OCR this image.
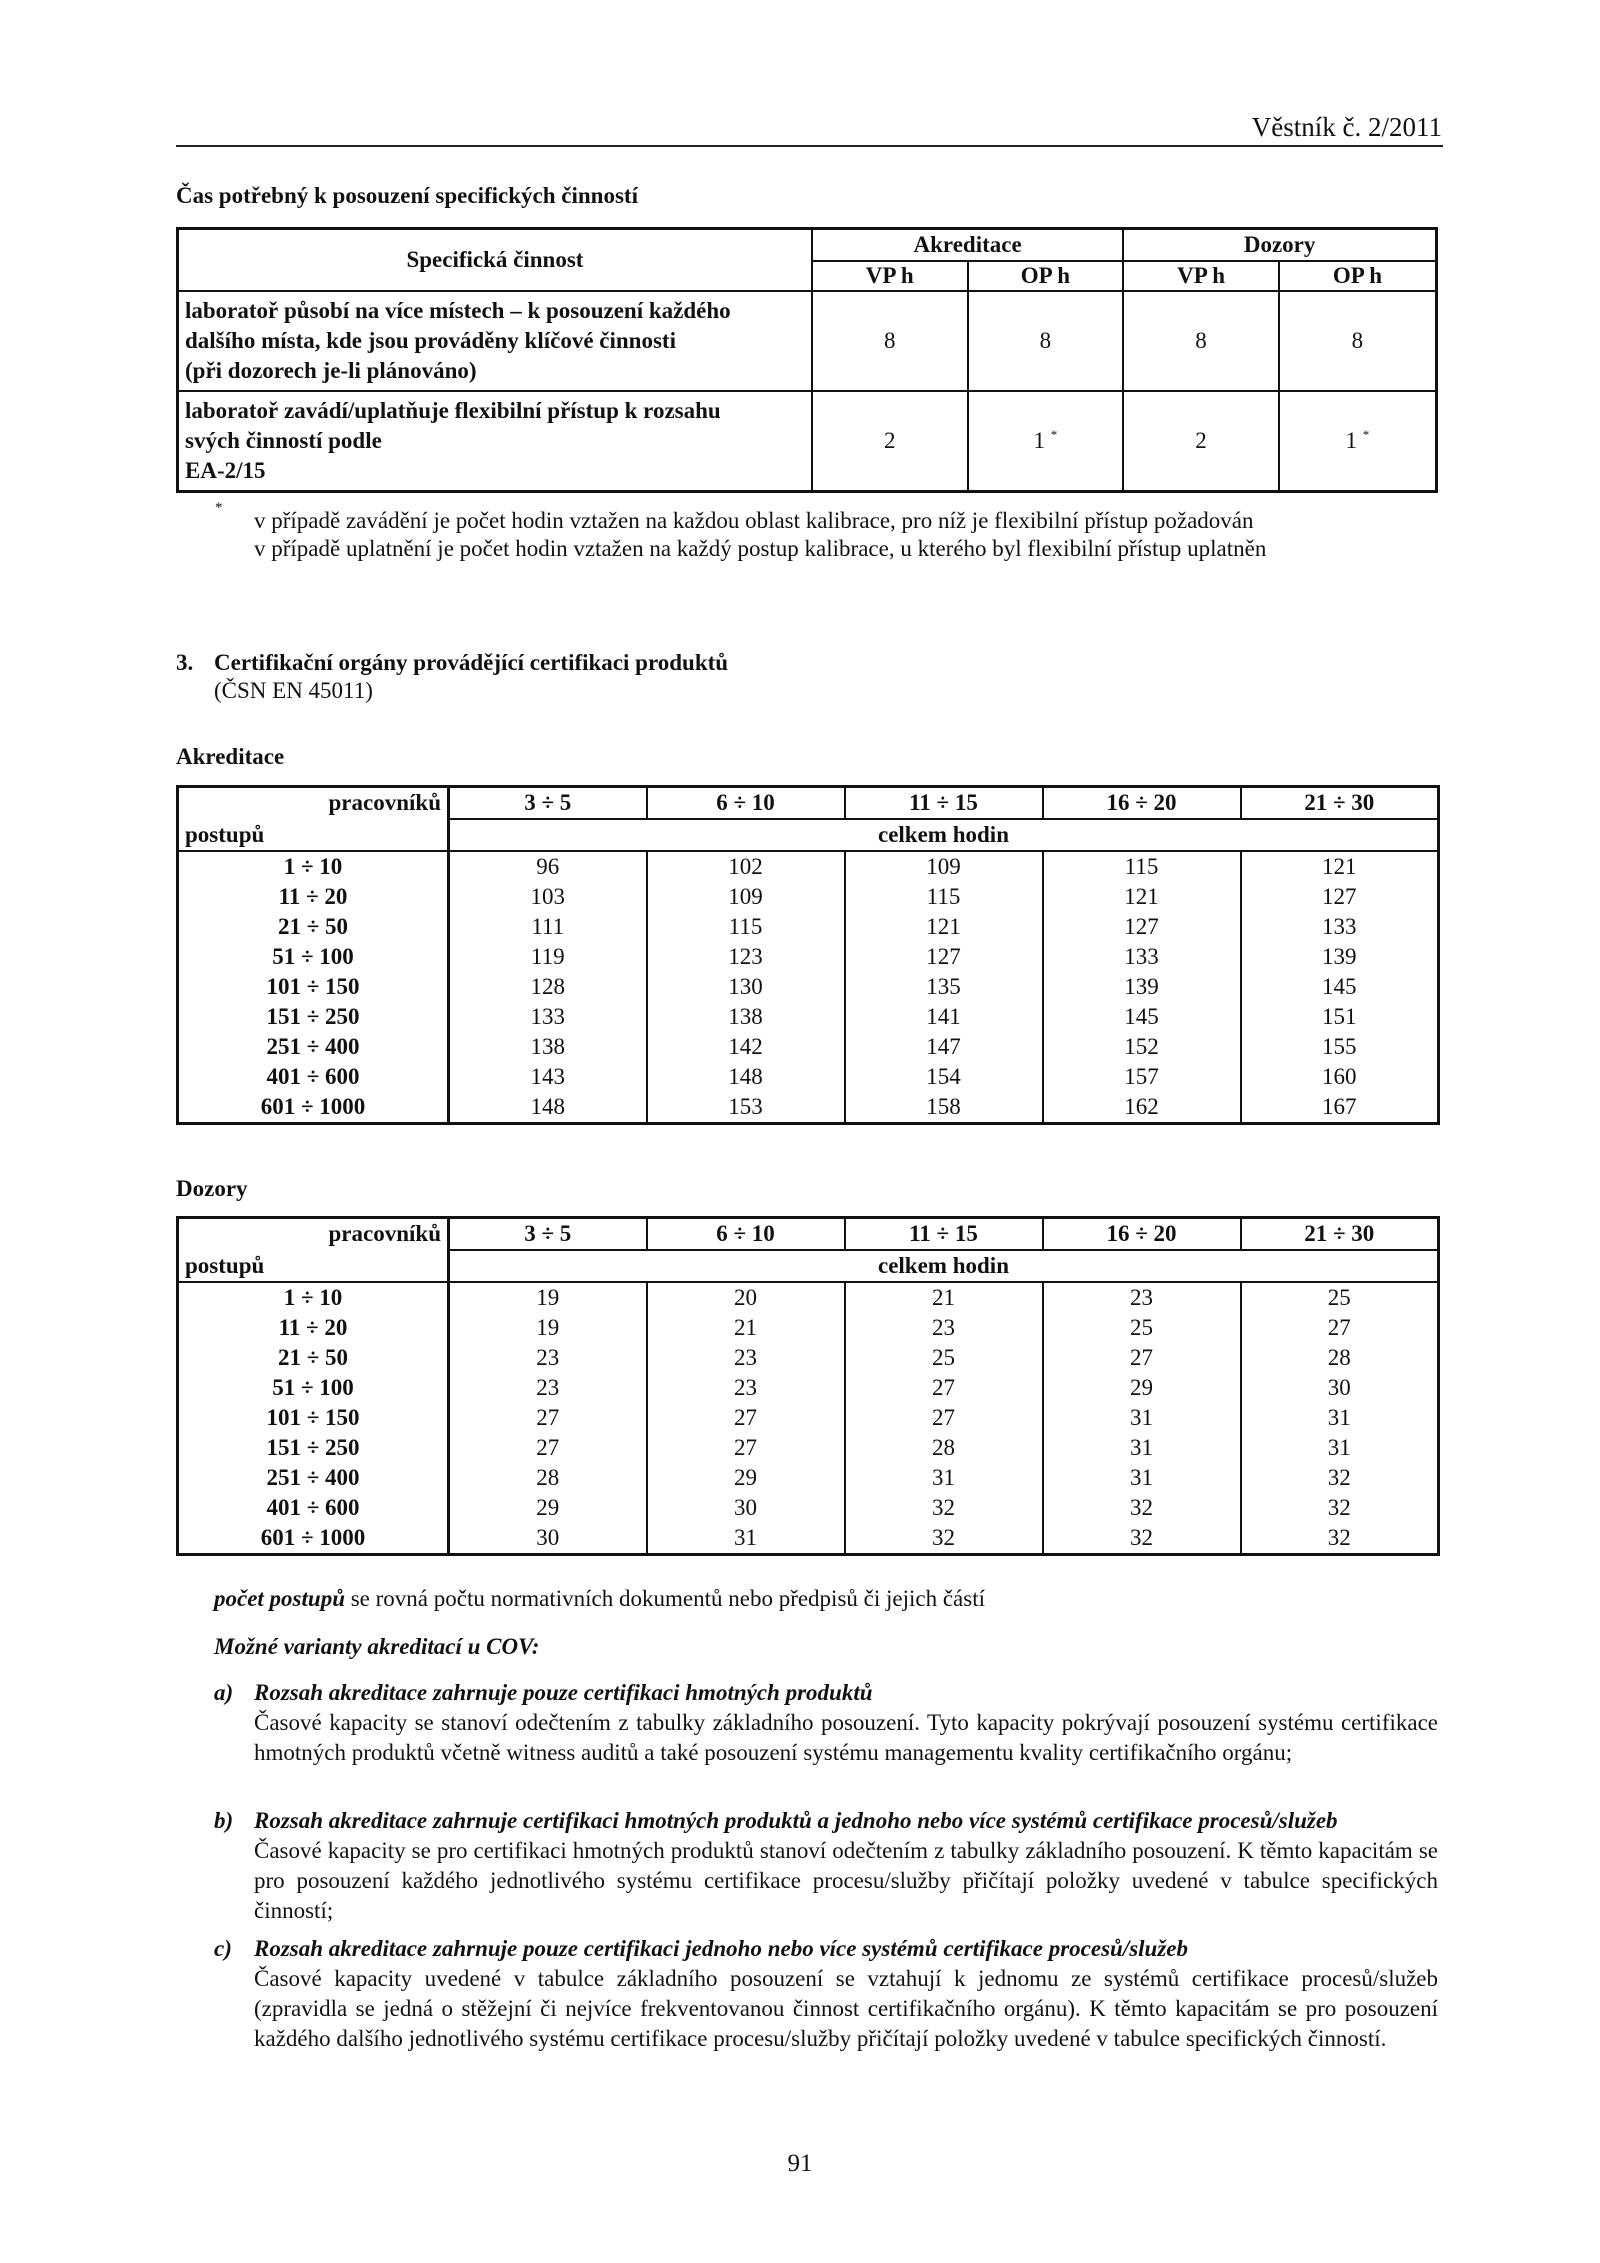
Věstník č. 2/2011
Čas potřebný k posouzení specifických činností
Specifická činnost	Akreditace		Dozory	
	VP h	OP h	VP h	OP h

laboratoř působí na více místech – k posouzení každého
dalšího místa, kde jsou prováděny klíčové činnosti
(při dozorech je-li plánováno)	8	8	8	8

laboratoř zavádí/uplatňuje flexibilní přístup k rozsahu
svých činností podle
EA-2/15	2	1 *	2	1 *
* v případě zavádění je počet hodin vztažen na každou oblast kalibrace, pro níž je flexibilní přístup požadován
v případě uplatnění je počet hodin vztažen na každý postup kalibrace, u kterého byl flexibilní přístup uplatněn
3. Certifikační orgány provádějící certifikaci produktů
(ČSN EN 45011)
Akreditace
pracovníků	3 ÷ 5	6 ÷ 10	11 ÷ 15	16 ÷ 20	21 ÷ 30
postupů	celkem hodin				
1 ÷ 10	96	102	109	115	121
11 ÷ 20	103	109	115	121	127
21 ÷ 50	111	115	121	127	133
51 ÷ 100	119	123	127	133	139
101 ÷ 150	128	130	135	139	145
151 ÷ 250	133	138	141	145	151
251 ÷ 400	138	142	147	152	155
401 ÷ 600	143	148	154	157	160
601 ÷ 1000	148	153	158	162	167
Dozory
pracovníků	3 ÷ 5	6 ÷ 10	11 ÷ 15	16 ÷ 20	21 ÷ 30
postupů	celkem hodin				
1 ÷ 10	19	20	21	23	25
11 ÷ 20	19	21	23	25	27
21 ÷ 50	23	23	25	27	28
51 ÷ 100	23	23	27	29	30
101 ÷ 150	27	27	27	31	31
151 ÷ 250	27	27	28	31	31
251 ÷ 400	28	29	31	31	32
401 ÷ 600	29	30	32	32	32
601 ÷ 1000	30	31	32	32	32
počet postupů se rovná počtu normativních dokumentů nebo předpisů či jejich částí
Možné varianty akreditací u COV:
a) Rozsah akreditace zahrnuje pouze certifikaci hmotných produktů
Časové kapacity se stanoví odečtením z tabulky základního posouzení. Tyto kapacity pokrývají posouzení systému certifikace hmotných produktů včetně witness auditů a také posouzení systému managementu kvality certifikačního orgánu;
b) Rozsah akreditace zahrnuje certifikaci hmotných produktů a jednoho nebo více systémů certifikace procesů/služeb
Časové kapacity se pro certifikaci hmotných produktů stanoví odečtením z tabulky základního posouzení. K těmto kapacitám se pro posouzení každého jednotlivého systému certifikace procesu/služby přičítají položky uvedené v tabulce specifických činností;
c) Rozsah akreditace zahrnuje pouze certifikaci jednoho nebo více systémů certifikace procesů/služeb
Časové kapacity uvedené v tabulce základního posouzení se vztahují k jednomu ze systémů certifikace procesů/služeb (zpravidla se jedná o stěžejní či nejvíce frekventovanou činnost certifikačního orgánu). K těmto kapacitám se pro posouzení každého dalšího jednotlivého systému certifikace procesu/služby přičítají položky uvedené v tabulce specifických činností.
91
